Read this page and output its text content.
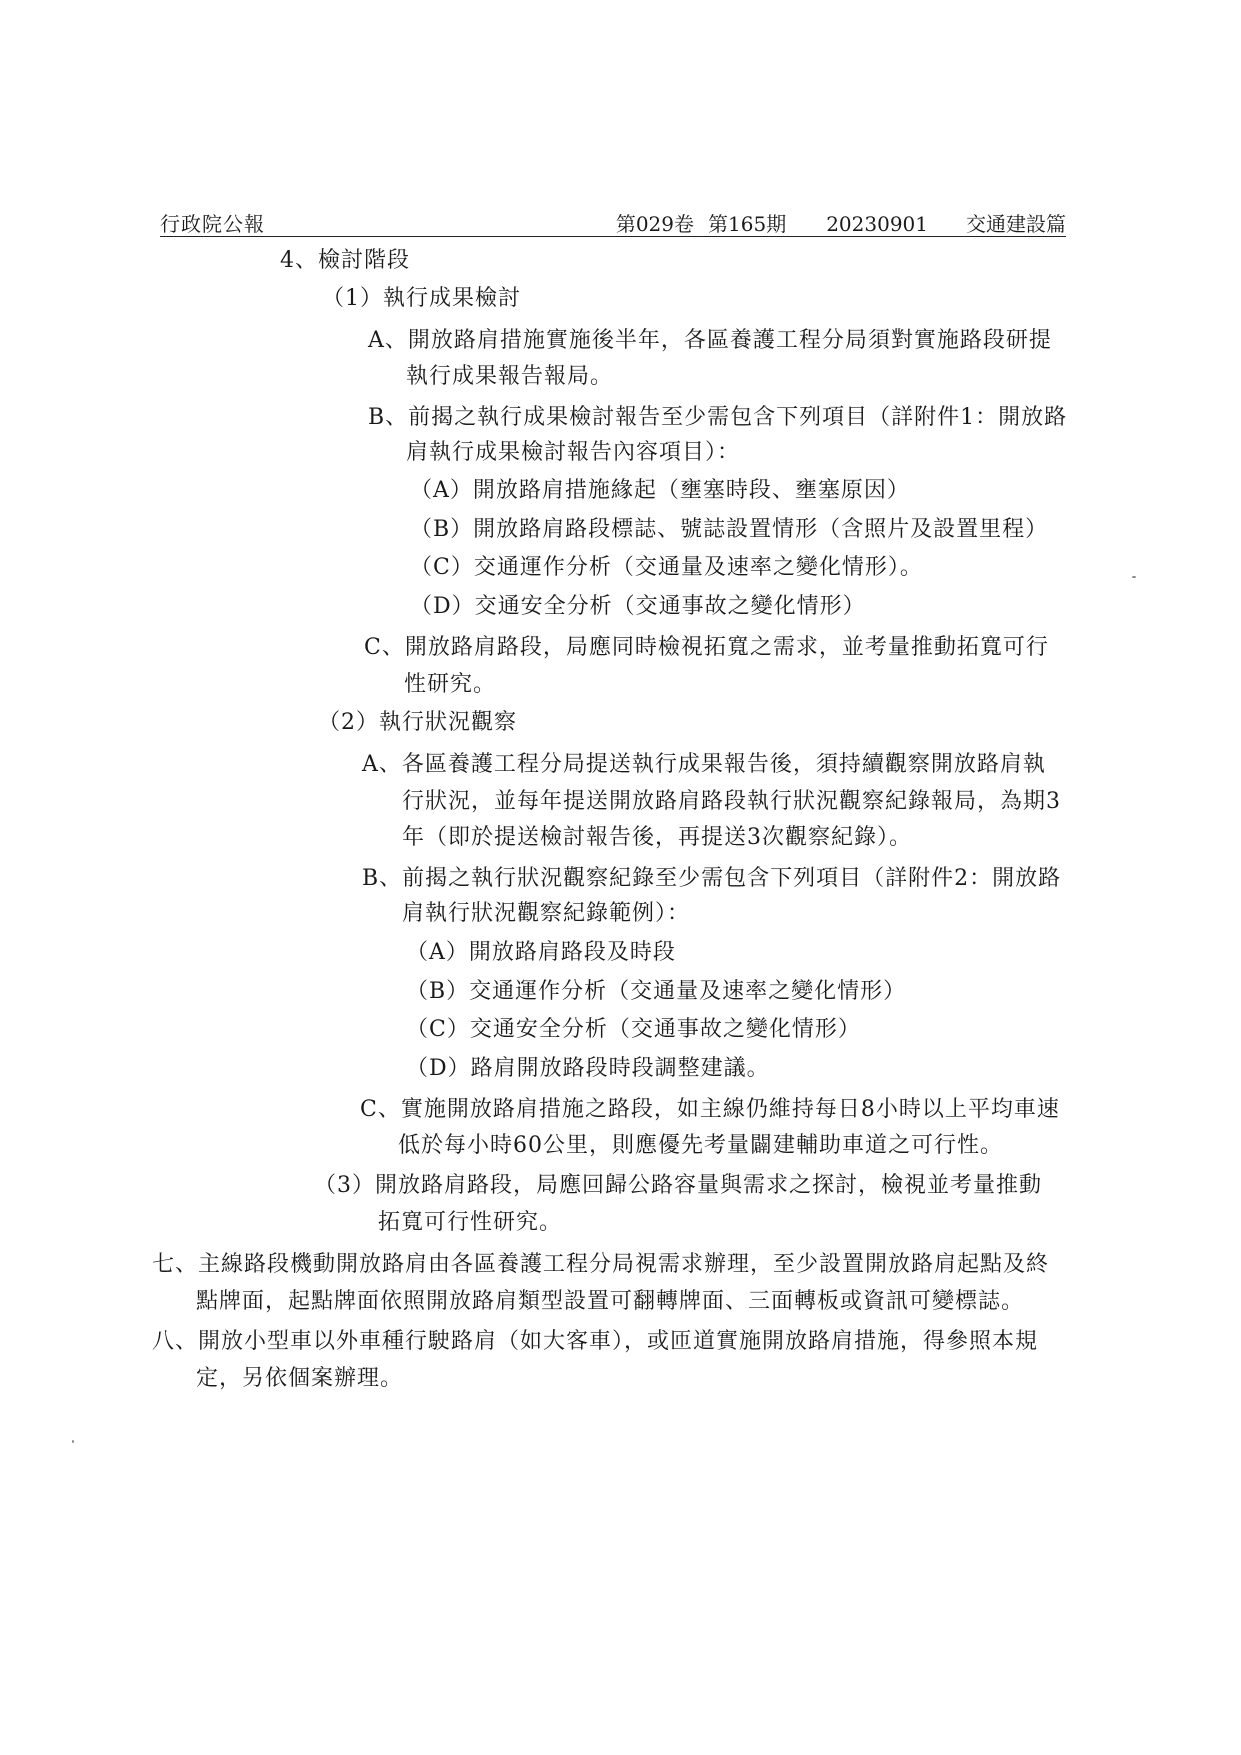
行政院公報	第029卷 第165期 20230901 交通建設篇
4、檢討階段
（1）執行成果檢討
A、開放路肩措施實施後半年，各區養護工程分局須對實施路段研提
執行成果報告報局。
B、前揭之執行成果檢討報告至少需包含下列項目（詳附件1：開放路
肩執行成果檢討報告內容項目）：
（A）開放路肩措施緣起（壅塞時段、壅塞原因）
（B）開放路肩路段標誌、號誌設置情形（含照片及設置里程）
（C）交通運作分析（交通量及速率之變化情形）。
（D）交通安全分析（交通事故之變化情形）
C、開放路肩路段，局應同時檢視拓寬之需求，並考量推動拓寬可行
性研究。
（2）執行狀況觀察
A、各區養護工程分局提送執行成果報告後，須持續觀察開放路肩執
行狀況，並每年提送開放路肩路段執行狀況觀察紀錄報局，為期3
年（即於提送檢討報告後，再提送3次觀察紀錄）。
B、前揭之執行狀況觀察紀錄至少需包含下列項目（詳附件2：開放路
肩執行狀況觀察紀錄範例）：
（A）開放路肩路段及時段
（B）交通運作分析（交通量及速率之變化情形）
（C）交通安全分析（交通事故之變化情形）
（D）路肩開放路段時段調整建議。
C、實施開放路肩措施之路段，如主線仍維持每日8小時以上平均車速
低於每小時60公里，則應優先考量闢建輔助車道之可行性。
（3）開放路肩路段，局應回歸公路容量與需求之探討，檢視並考量推動
拓寬可行性研究。
七、主線路段機動開放路肩由各區養護工程分局視需求辦理，至少設置開放路肩起點及終
點牌面，起點牌面依照開放路肩類型設置可翻轉牌面、三面轉板或資訊可變標誌。
八、開放小型車以外車種行駛路肩（如大客車），或匝道實施開放路肩措施，得參照本規
定，另依個案辦理。
